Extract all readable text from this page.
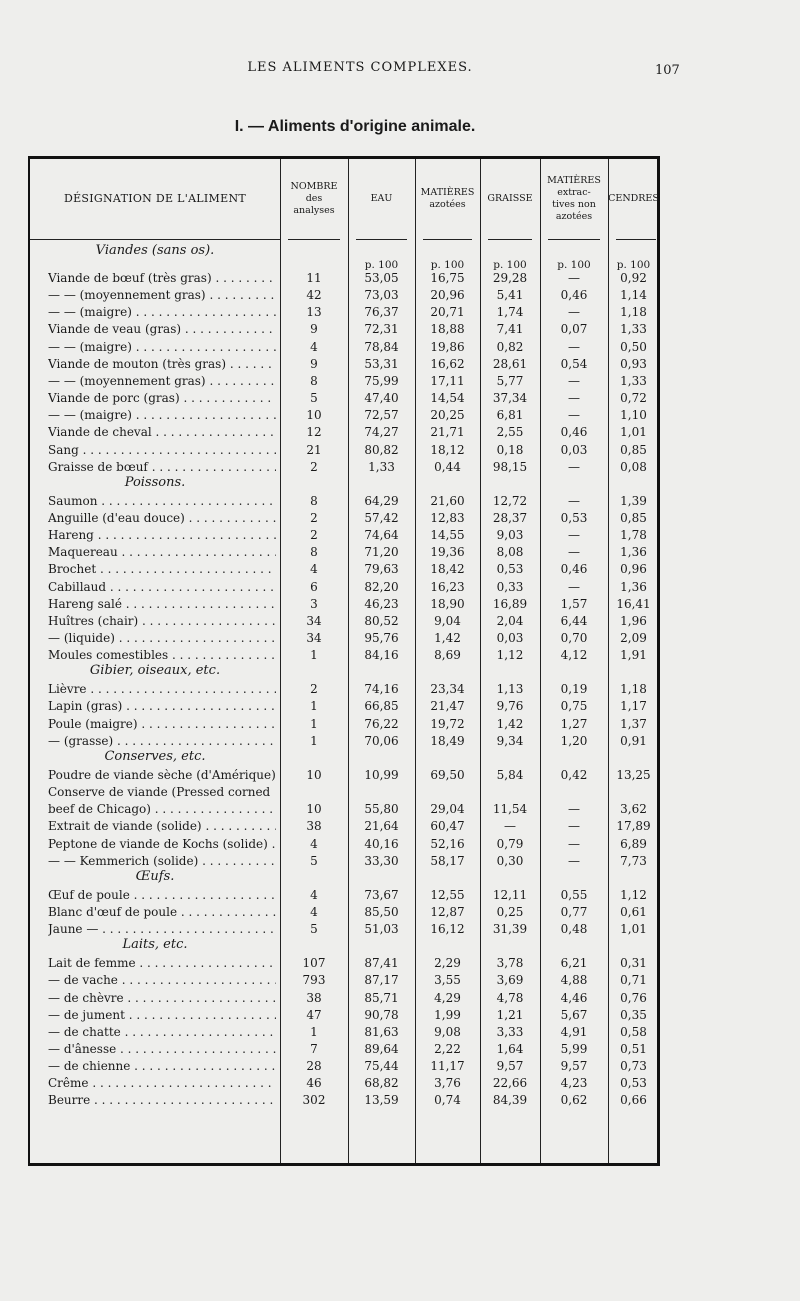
LES ALIMENTS COMPLEXES.	107
I. — Aliments d'origine animale.
DÉSIGNATION DE L'ALIMENT
NOMBRE
des
analyses
EAU
MATIÈRES
azotées
GRAISSE
MATIÈRES
extrac-
tives non
azotées
CENDRES
p. 100	p. 100	p. 100	p. 100	p. 100
Viandes (sans os).
Viande de bœuf (très gras) . . .	11	53,05	16,75	29,28	—	0,92
— — (moyennement gras) . . .	42	73,03	20,96	5,41	0,46	1,14
— — (maigre) . . .	13	76,37	20,71	1,74	—	1,18
Viande de veau (gras) . . .	9	72,31	18,88	7,41	0,07	1,33
— — (maigre) . . .	4	78,84	19,86	0,82	—	0,50
Viande de mouton (très gras) . . .	9	53,31	16,62	28,61	0,54	0,93
— — (moyennement gras) . . .	8	75,99	17,11	5,77	—	1,33
Viande de porc (gras) . . .	5	47,40	14,54	37,34	—	0,72
— — (maigre) . . .	10	72,57	20,25	6,81	—	1,10
Viande de cheval . . .	12	74,27	21,71	2,55	0,46	1,01
Sang . . .	21	80,82	18,12	0,18	0,03	0,85
Graisse de bœuf . . .	2	1,33	0,44	98,15	—	0,08
Poissons.
Saumon . . .	8	64,29	21,60	12,72	—	1,39
Anguille (d'eau douce) . . .	2	57,42	12,83	28,37	0,53	0,85
Hareng . . .	2	74,64	14,55	9,03	—	1,78
Maquereau . . .	8	71,20	19,36	8,08	—	1,36
Brochet . . .	4	79,63	18,42	0,53	0,46	0,96
Cabillaud . . .	6	82,20	16,23	0,33	—	1,36
Hareng salé . . .	3	46,23	18,90	16,89	1,57	16,41
Huîtres (chair) . . .	34	80,52	9,04	2,04	6,44	1,96
— (liquide) . . .	34	95,76	1,42	0,03	0,70	2,09
Moules comestibles . . .	1	84,16	8,69	1,12	4,12	1,91
Gibier, oiseaux, etc.
Lièvre . . .	2	74,16	23,34	1,13	0,19	1,18
Lapin (gras) . . .	1	66,85	21,47	9,76	0,75	1,17
Poule (maigre) . . .	1	76,22	19,72	1,42	1,27	1,37
— (grasse) . . .	1	70,06	18,49	9,34	1,20	0,91
Conserves, etc.
Poudre de viande sèche (d'Amérique) . . .	10	10,99	69,50	5,84	0,42	13,25
Conserve de viande (Pressed corned
beef de Chicago) . . .	10	55,80	29,04	11,54	—	3,62
Extrait de viande (solide) . . .	38	21,64	60,47	—	—	17,89
Peptone de viande de Kochs (solide) . . .	4	40,16	52,16	0,79	—	6,89
— — Kemmerich (solide) . . .	5	33,30	58,17	0,30	—	7,73
Œufs.
Œuf de poule . . .	4	73,67	12,55	12,11	0,55	1,12
Blanc d'œuf de poule . . .	4	85,50	12,87	0,25	0,77	0,61
Jaune — . . .	5	51,03	16,12	31,39	0,48	1,01
Laits, etc.
Lait de femme . . .	107	87,41	2,29	3,78	6,21	0,31
— de vache . . .	793	87,17	3,55	3,69	4,88	0,71
— de chèvre . . .	38	85,71	4,29	4,78	4,46	0,76
— de jument . . .	47	90,78	1,99	1,21	5,67	0,35
— de chatte . . .	1	81,63	9,08	3,33	4,91	0,58
— d'ânesse . . .	7	89,64	2,22	1,64	5,99	0,51
— de chienne . . .	28	75,44	11,17	9,57	9,57	0,73
Crême . . .	46	68,82	3,76	22,66	4,23	0,53
Beurre . . .	302	13,59	0,74	84,39	0,62	0,66
